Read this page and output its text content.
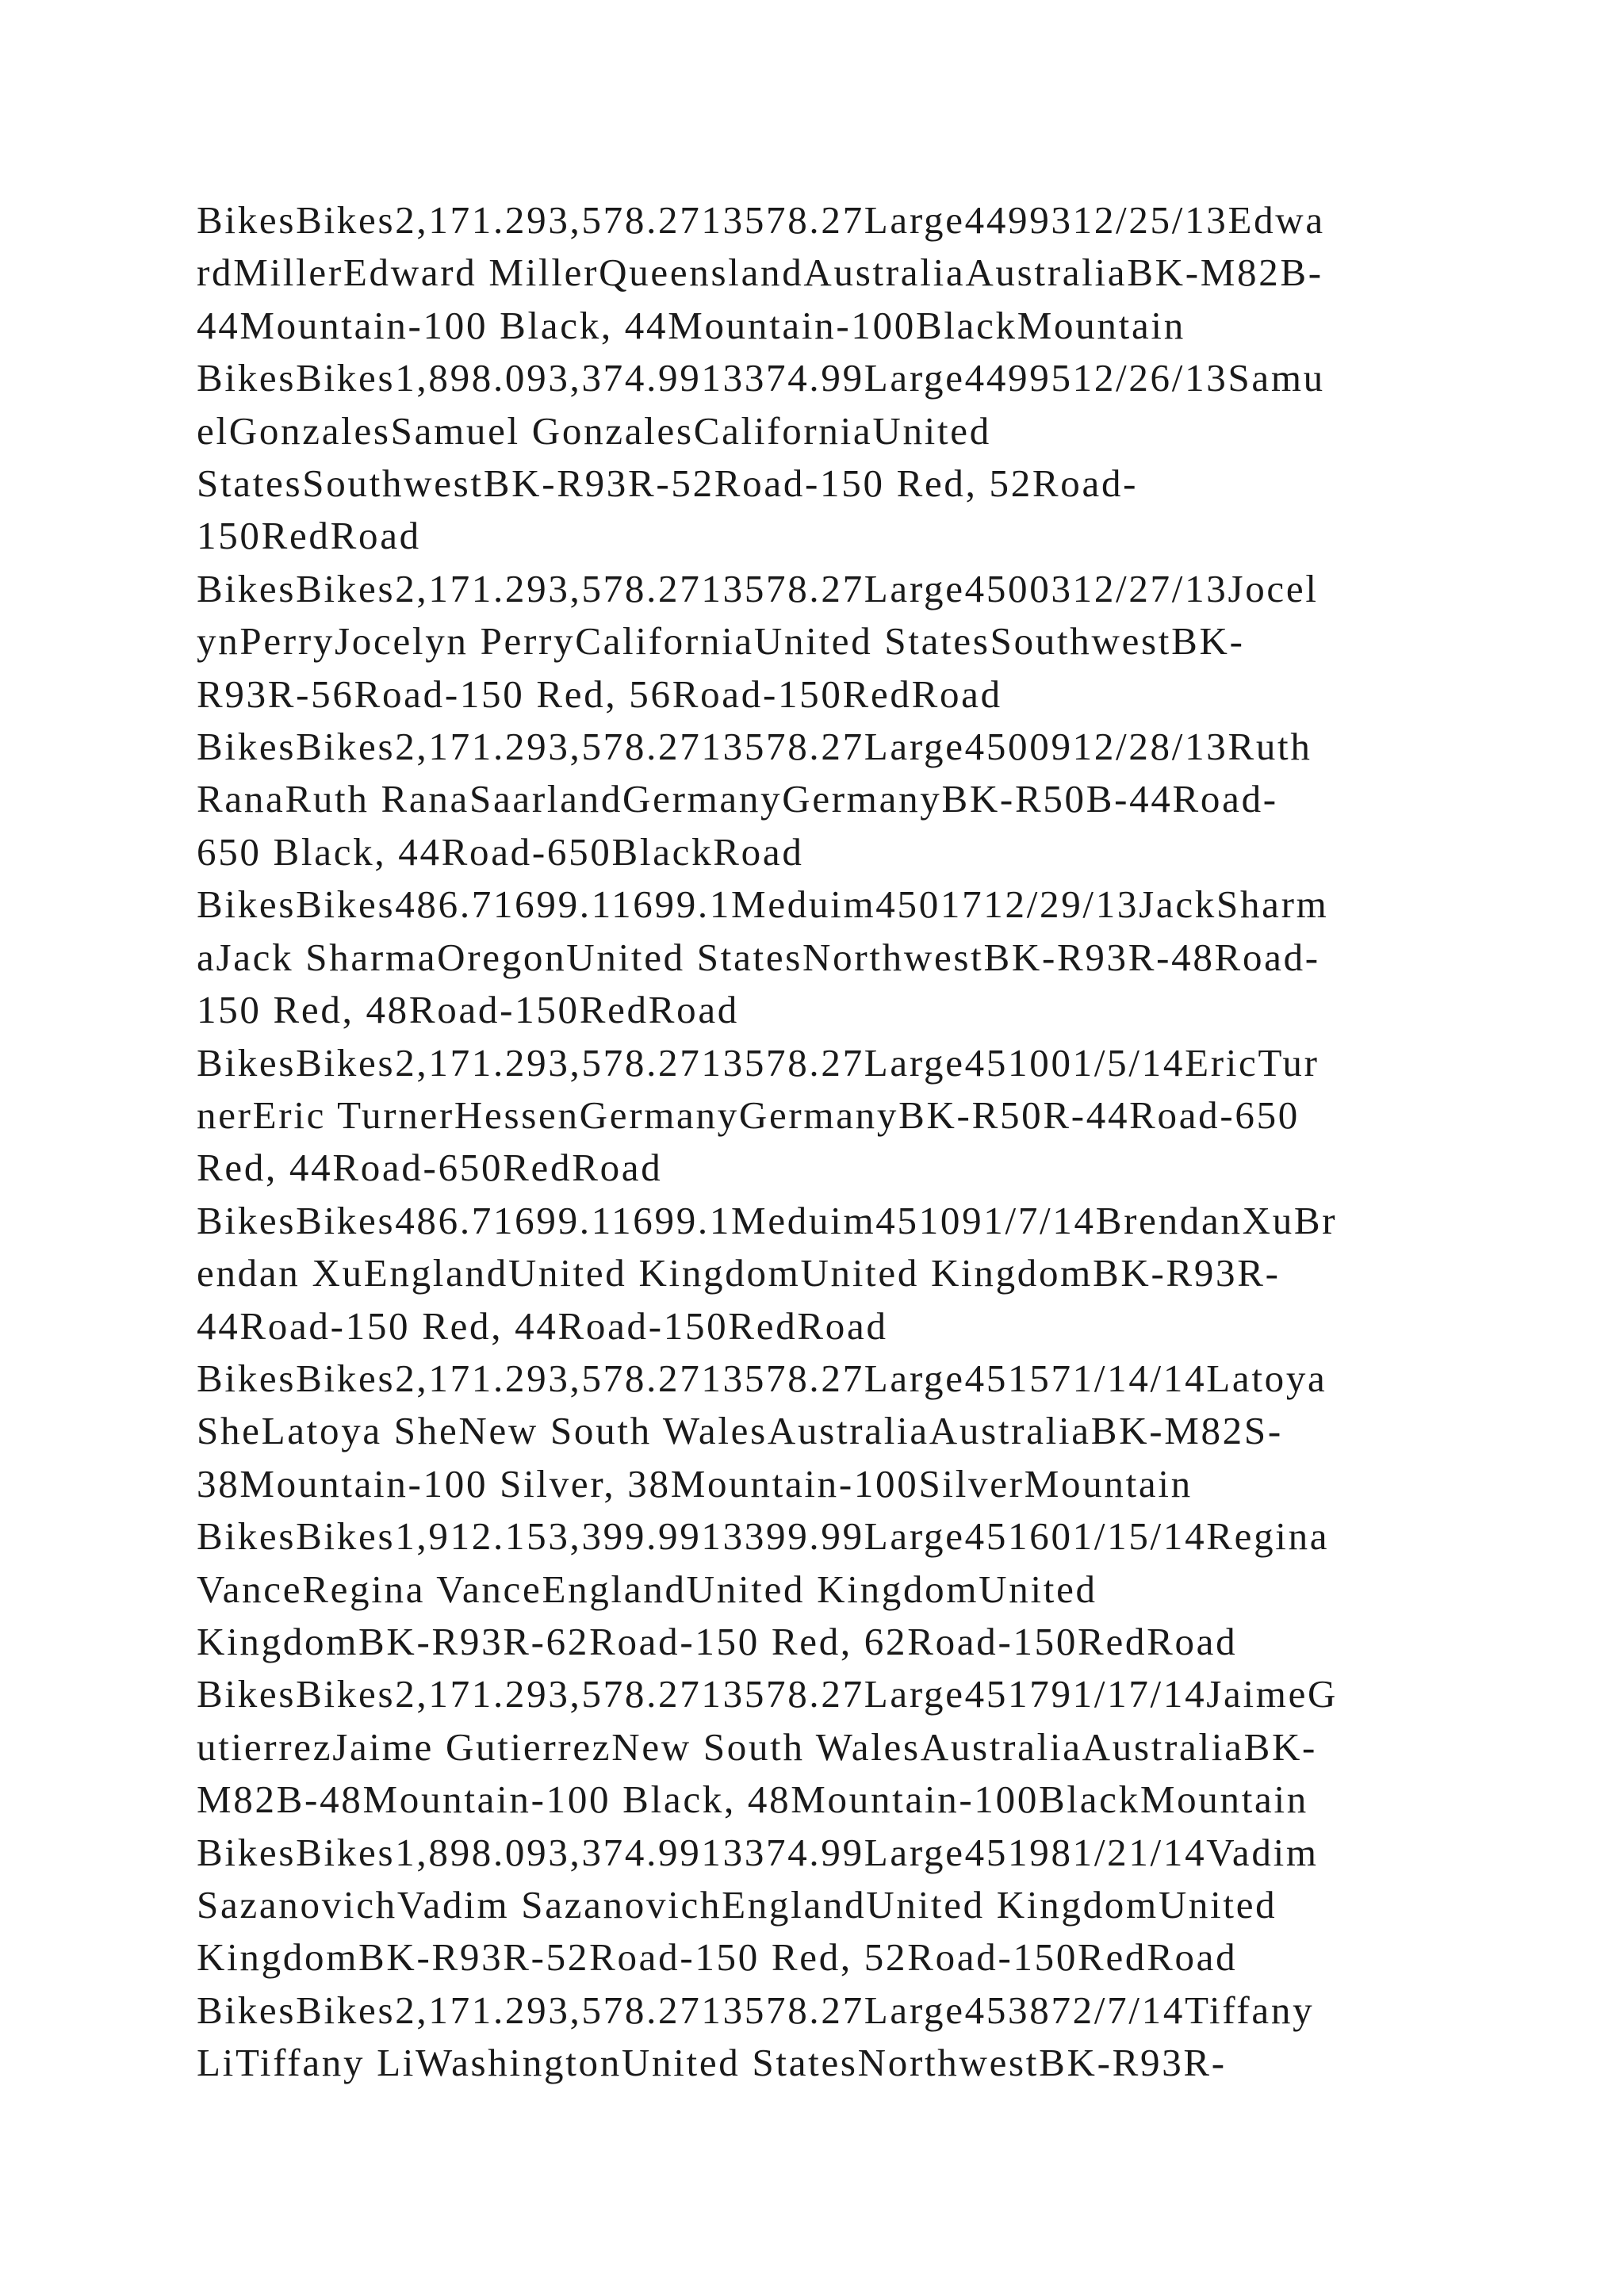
BikesBikes2,171.293,578.2713578.27Large4499312/25/13Edwa
rdMillerEdward MillerQueenslandAustraliaAustraliaBK-M82B-
44Mountain-100 Black, 44Mountain-100BlackMountain
BikesBikes1,898.093,374.9913374.99Large4499512/26/13Samu
elGonzalesSamuel GonzalesCaliforniaUnited
StatesSouthwestBK-R93R-52Road-150 Red, 52Road-
150RedRoad
BikesBikes2,171.293,578.2713578.27Large4500312/27/13Jocel
ynPerryJocelyn PerryCaliforniaUnited StatesSouthwestBK-
R93R-56Road-150 Red, 56Road-150RedRoad
BikesBikes2,171.293,578.2713578.27Large4500912/28/13Ruth
RanaRuth RanaSaarlandGermanyGermanyBK-R50B-44Road-
650 Black, 44Road-650BlackRoad
BikesBikes486.71699.11699.1Meduim4501712/29/13JackSharm
aJack SharmaOregonUnited StatesNorthwestBK-R93R-48Road-
150 Red, 48Road-150RedRoad
BikesBikes2,171.293,578.2713578.27Large451001/5/14EricTur
nerEric TurnerHessenGermanyGermanyBK-R50R-44Road-650
Red, 44Road-650RedRoad
BikesBikes486.71699.11699.1Meduim451091/7/14BrendanXuBr
endan XuEnglandUnited KingdomUnited KingdomBK-R93R-
44Road-150 Red, 44Road-150RedRoad
BikesBikes2,171.293,578.2713578.27Large451571/14/14Latoya
SheLatoya SheNew South WalesAustraliaAustraliaBK-M82S-
38Mountain-100 Silver, 38Mountain-100SilverMountain
BikesBikes1,912.153,399.9913399.99Large451601/15/14Regina
VanceRegina VanceEnglandUnited KingdomUnited
KingdomBK-R93R-62Road-150 Red, 62Road-150RedRoad
BikesBikes2,171.293,578.2713578.27Large451791/17/14JaimeG
utierrezJaime GutierrezNew South WalesAustraliaAustraliaBK-
M82B-48Mountain-100 Black, 48Mountain-100BlackMountain
BikesBikes1,898.093,374.9913374.99Large451981/21/14Vadim
SazanovichVadim SazanovichEnglandUnited KingdomUnited
KingdomBK-R93R-52Road-150 Red, 52Road-150RedRoad
BikesBikes2,171.293,578.2713578.27Large453872/7/14Tiffany
LiTiffany LiWashingtonUnited StatesNorthwestBK-R93R-
